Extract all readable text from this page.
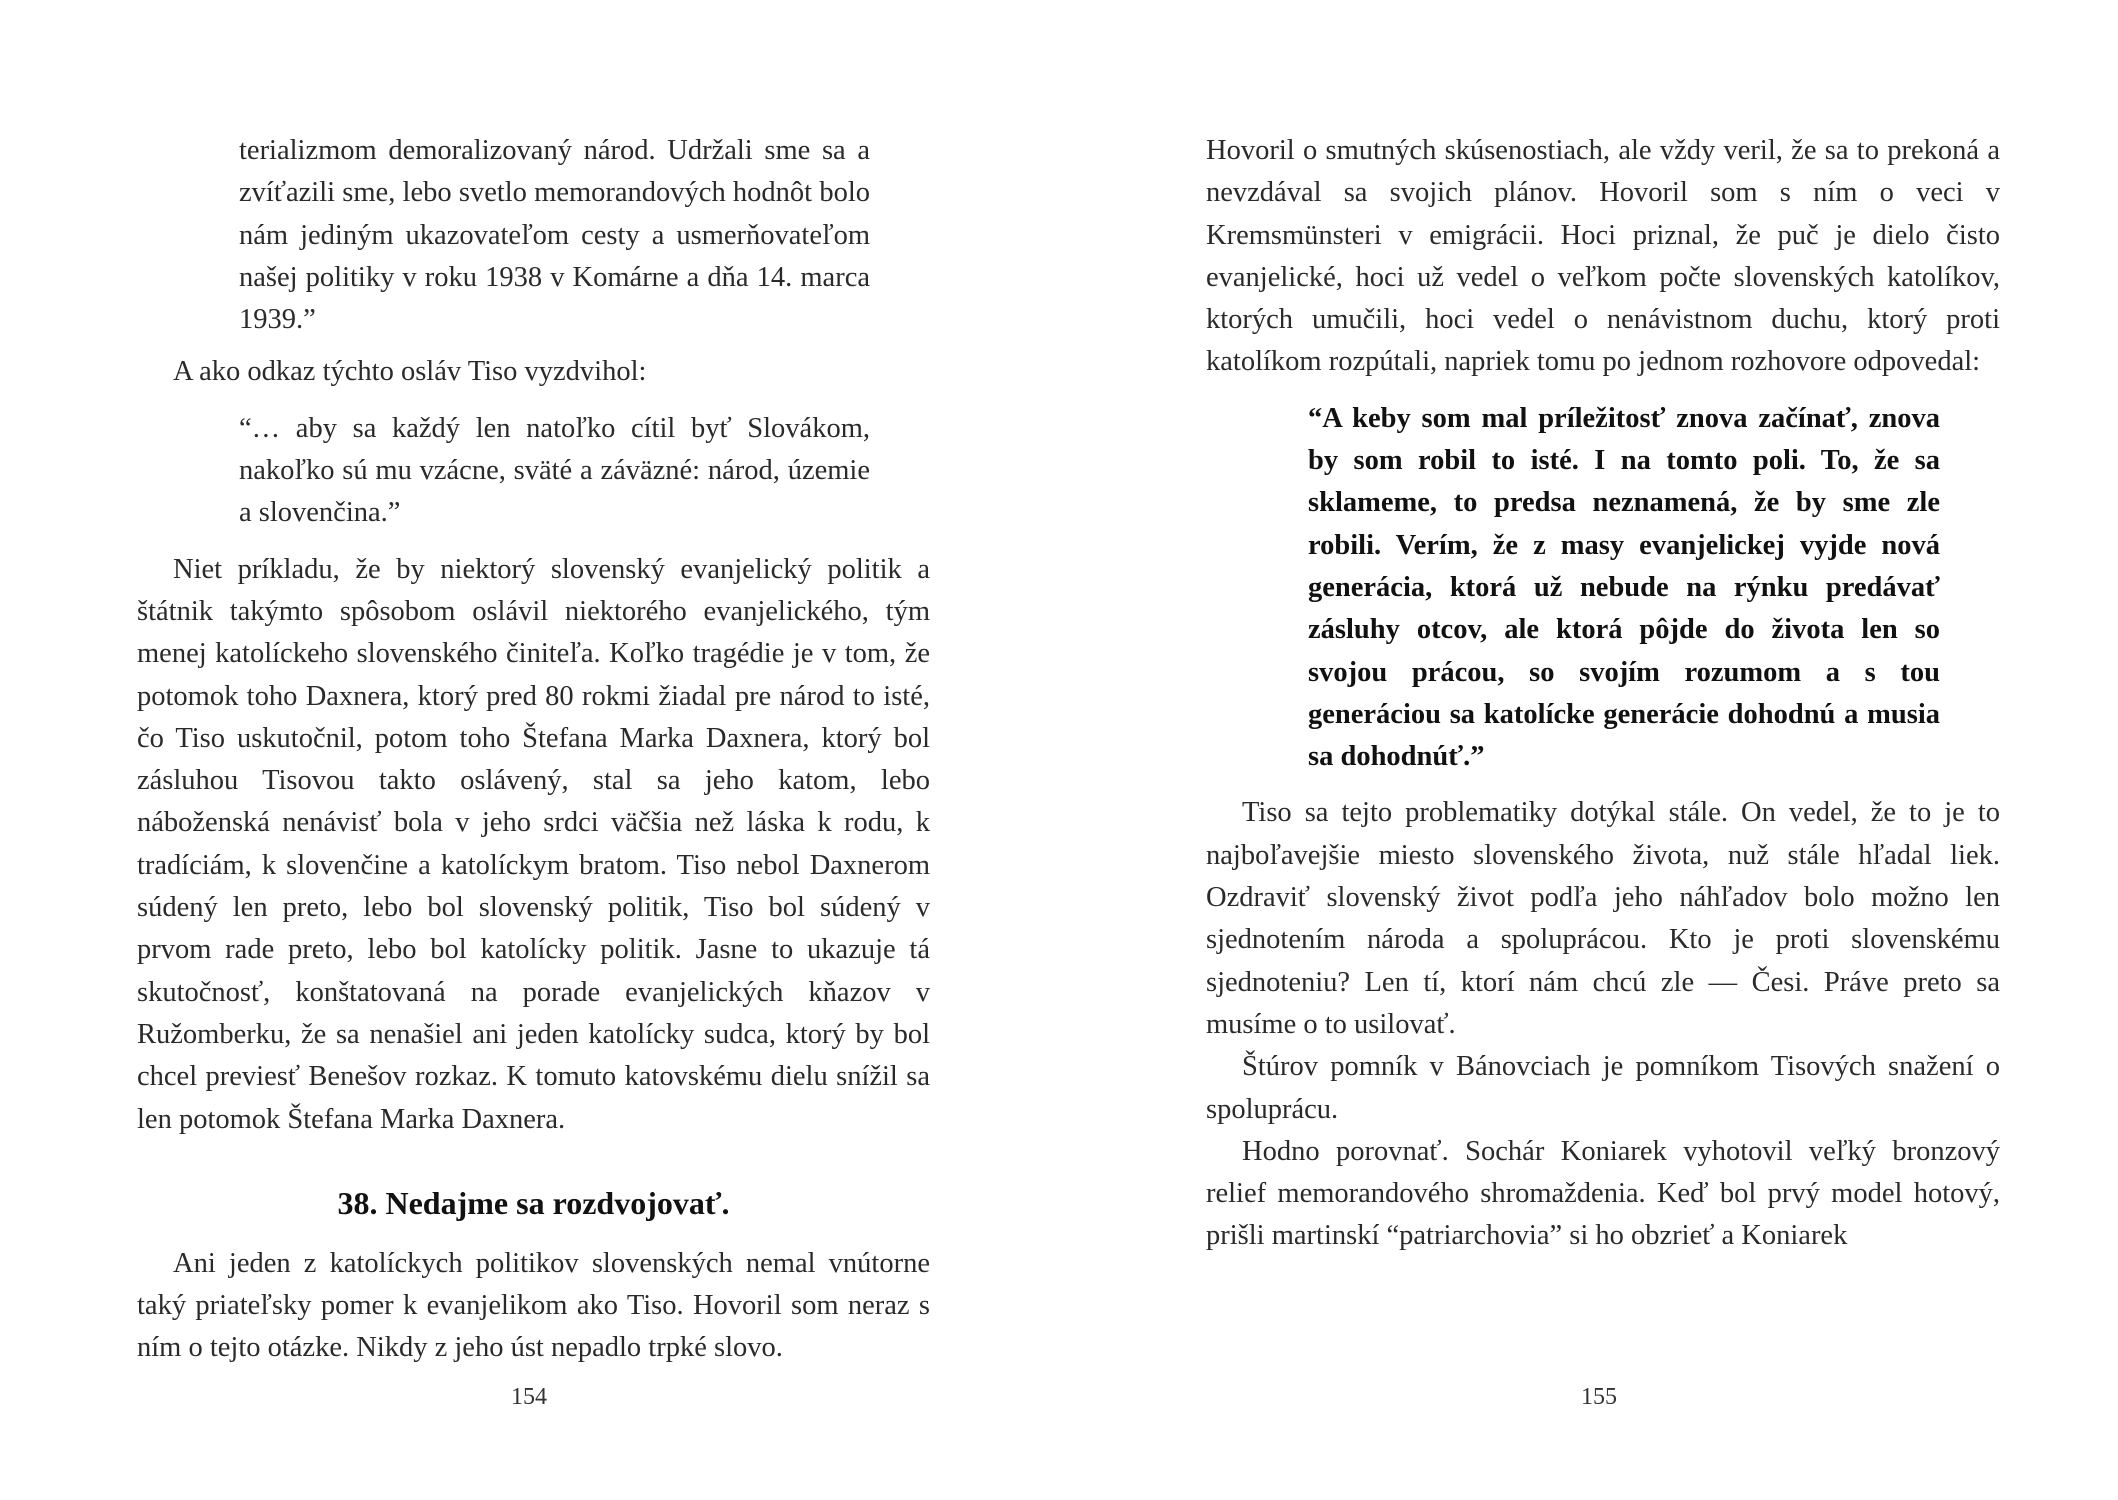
terializmom demoralizovaný národ. Udržali sme sa a zvíťazili sme, lebo svetlo memorandových hodnôt bolo nám jediným ukazovateľom cesty a usmerňovateľom našej politiky v roku 1938 v Komárne a dňa 14. marca 1939.”

A ako odkaz týchto osláv Tiso vyzdvihol:

“… aby sa každý len natoľko cítil byť Slovákom, nakoľko sú mu vzácne, sväté a záväzné: národ, územie a slovenčina.”

Niet príkladu, že by niektorý slovenský evanjelický politik a štátnik takýmto spôsobom oslávil niektorého evanjelického, tým menej katolíckeho slovenského činiteľa. Koľko tragédie je v tom, že potomok toho Daxnera, ktorý pred 80 rokmi žiadal pre národ to isté, čo Tiso uskutočnil, potom toho Štefana Marka Daxnera, ktorý bol zásluhou Tisovou takto oslávený, stal sa jeho katom, lebo náboženská nenávisť bola v jeho srdci väčšia než láska k rodu, k tradíciám, k slovenčine a katolíckym bratom. Tiso nebol Daxnerom súdený len preto, lebo bol slovenský politik, Tiso bol súdený v prvom rade preto, lebo bol katolícky politik. Jasne to ukazuje tá skutočnosť, konštatovaná na porade evanjelických kňazov v Ružomberku, že sa nenašiel ani jeden katolícky sudca, ktorý by bol chcel previesť Benešov rozkaz. K tomuto katovskému dielu snížil sa len potomok Štefana Marka Daxnera.

38. Nedajme sa rozdvojovať.

Ani jeden z katolíckych politikov slovenských nemal vnútorne taký priateľsky pomer k evanjelikom ako Tiso. Hovoril som neraz s ním o tejto otázke. Nikdy z jeho úst nepadlo trpké slovo.

154

Hovoril o smutných skúsenostiach, ale vždy veril, že sa to prekoná a nevzdával sa svojich plánov. Hovoril som s ním o veci v Kremsmünsteri v emigrácii. Hoci priznal, že puč je dielo čisto evanjelické, hoci už vedel o veľkom počte slovenských katolíkov, ktorých umučili, hoci vedel o nenávistnom duchu, ktorý proti katolíkom rozpútali, napriek tomu po jednom rozhovore odpovedal:

“A keby som mal príležitosť znova začínať, znova by som robil to isté. I na tomto poli. To, že sa sklameme, to predsa neznamená, že by sme zle robili. Verím, že z masy evanjelickej vyjde nová generácia, ktorá už nebude na rýnku predávať zásluhy otcov, ale ktorá pôjde do života len so svojou prácou, so svojím rozumom a s tou generáciou sa katolícke generácie dohodnú a musia sa dohodnúť.”

Tiso sa tejto problematiky dotýkal stále. On vedel, že to je to najboľavejšie miesto slovenského života, nuž stále hľadal liek. Ozdraviť slovenský život podľa jeho náhľadov bolo možno len sjednotením národa a spoluprácou. Kto je proti slovenskému sjednoteniu? Len tí, ktorí nám chcú zle — Česi. Práve preto sa musíme o to usilovať.

Štúrov pomník v Bánovciach je pomníkom Tisových snažení o spoluprácu.

Hodno porovnať. Sochár Koniarek vyhotovil veľký bronzový relief memorandového shromaždenia. Keď bol prvý model hotový, prišli martinskí “patriarchovia” si ho obzrieť a Koniarek

155
